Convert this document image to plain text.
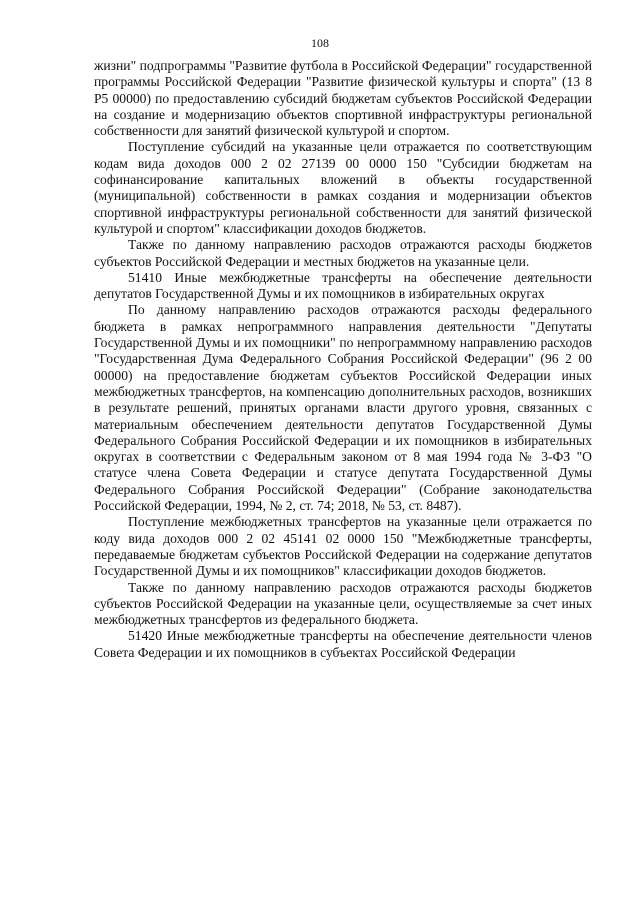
108

жизни" подпрограммы "Развитие футбола в Российской Федерации" государственной программы Российской Федерации "Развитие физической культуры и спорта" (13 8 P5 00000) по предоставлению субсидий бюджетам субъектов Российской Федерации на создание и модернизацию объектов спортивной инфраструктуры региональной собственности для занятий физической культурой и спортом.

Поступление субсидий на указанные цели отражается по соответствующим кодам вида доходов 000 2 02 27139 00 0000 150 "Субсидии бюджетам на софинансирование капитальных вложений в объекты государственной (муниципальной) собственности в рамках создания и модернизации объектов спортивной инфраструктуры региональной собственности для занятий физической культурой и спортом" классификации доходов бюджетов.

Также по данному направлению расходов отражаются расходы бюджетов субъектов Российской Федерации и местных бюджетов на указанные цели.

51410 Иные межбюджетные трансферты на обеспечение деятельности депутатов Государственной Думы и их помощников в избирательных округах

По данному направлению расходов отражаются расходы федерального бюджета в рамках непрограммного направления деятельности "Депутаты Государственной Думы и их помощники" по непрограммному направлению расходов "Государственная Дума Федерального Собрания Российской Федерации" (96 2 00 00000) на предоставление бюджетам субъектов Российской Федерации иных межбюджетных трансфертов, на компенсацию дополнительных расходов, возникших в результате решений, принятых органами власти другого уровня, связанных с материальным обеспечением деятельности депутатов Государственной Думы Федерального Собрания Российской Федерации и их помощников в избирательных округах в соответствии с Федеральным законом от 8 мая 1994 года № 3-ФЗ "О статусе члена Совета Федерации и статусе депутата Государственной Думы Федерального Собрания Российской Федерации" (Собрание законодательства Российской Федерации, 1994, № 2, ст. 74; 2018, № 53, ст. 8487).

Поступление межбюджетных трансфертов на указанные цели отражается по коду вида доходов 000 2 02 45141 02 0000 150 "Межбюджетные трансферты, передаваемые бюджетам субъектов Российской Федерации на содержание депутатов Государственной Думы и их помощников" классификации доходов бюджетов.

Также по данному направлению расходов отражаются расходы бюджетов субъектов Российской Федерации на указанные цели, осуществляемые за счет иных межбюджетных трансфертов из федерального бюджета.

51420 Иные межбюджетные трансферты на обеспечение деятельности членов Совета Федерации и их помощников в субъектах Российской Федерации
